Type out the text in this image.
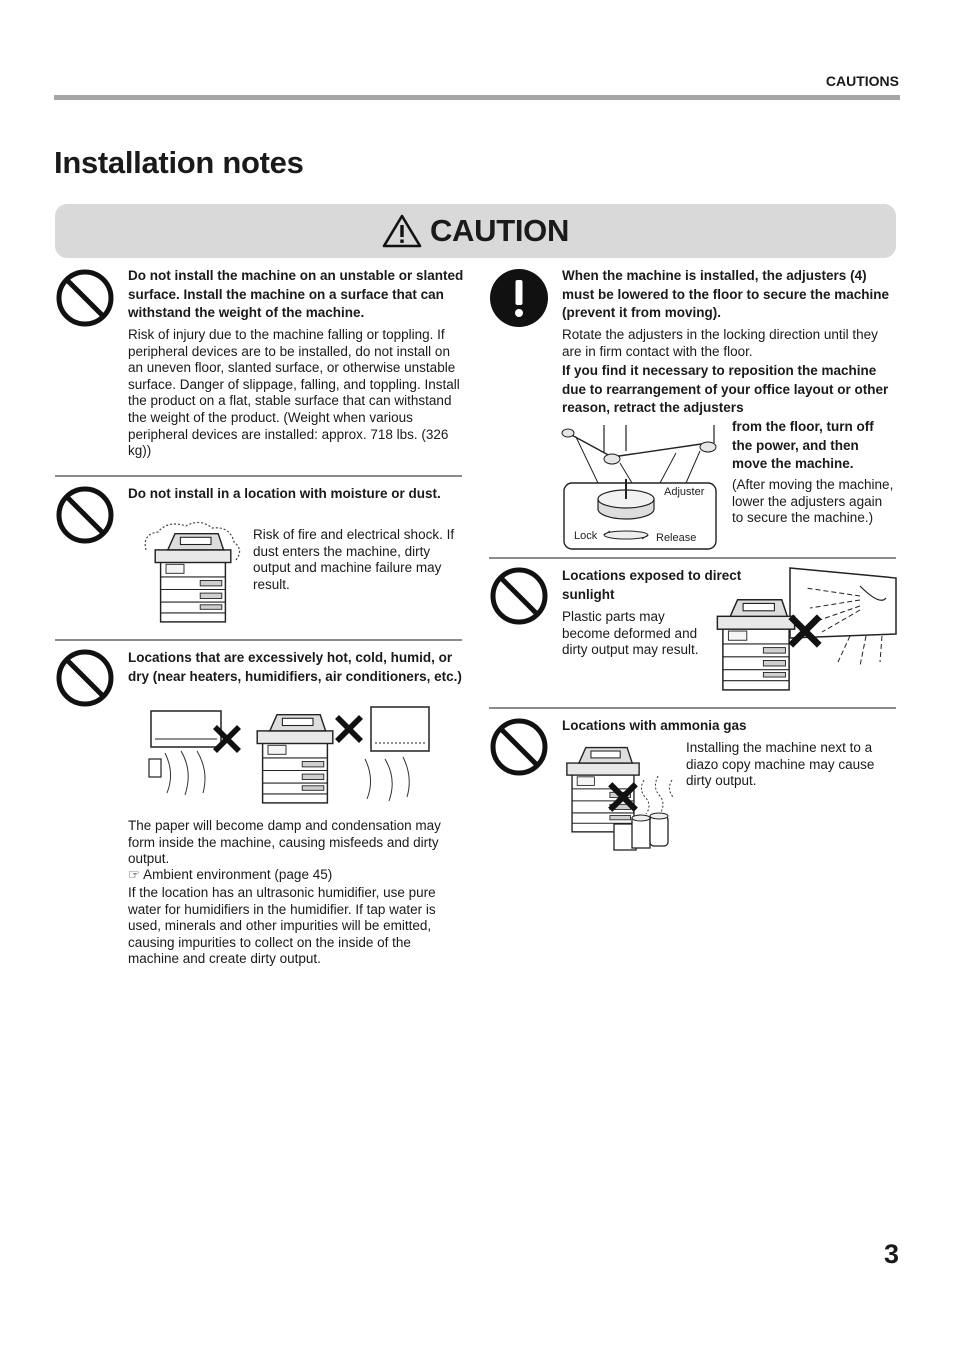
CAUTIONS
Installation notes
CAUTION
Do not install the machine on an unstable or slanted surface. Install the machine on a surface that can withstand the weight of the machine.
Risk of injury due to the machine falling or toppling. If peripheral devices are to be installed, do not install on an uneven floor, slanted surface, or otherwise unstable surface. Danger of slippage, falling, and toppling. Install the product on a flat, stable surface that can withstand the weight of the product. (Weight when various peripheral devices are installed: approx. 718 lbs. (326 kg))
Do not install in a location with moisture or dust.
Risk of fire and electrical shock. If dust enters the machine, dirty output and machine failure may result.
Locations that are excessively hot, cold, humid, or dry (near heaters, humidifiers, air conditioners, etc.)
The paper will become damp and condensation may form inside the machine, causing misfeeds and dirty output.
☞ Ambient environment (page 45)
If the location has an ultrasonic humidifier, use pure water for humidifiers in the humidifier. If tap water is used, minerals and other impurities will be emitted, causing impurities to collect on the inside of the machine and create dirty output.
When the machine is installed, the adjusters (4) must be lowered to the floor to secure the machine (prevent it from moving).
Rotate the adjusters in the locking direction until they are in firm contact with the floor.
If you find it necessary to reposition the machine due to rearrangement of your office layout or other reason, retract the adjusters
from the floor, turn off the power, and then move the machine.
(After moving the machine, lower the adjusters again to secure the machine.)
Adjuster
Lock	Release
Locations exposed to direct sunlight
Plastic parts may become deformed and dirty output may result.
Locations with ammonia gas
Installing the machine next to a diazo copy machine may cause dirty output.
3
